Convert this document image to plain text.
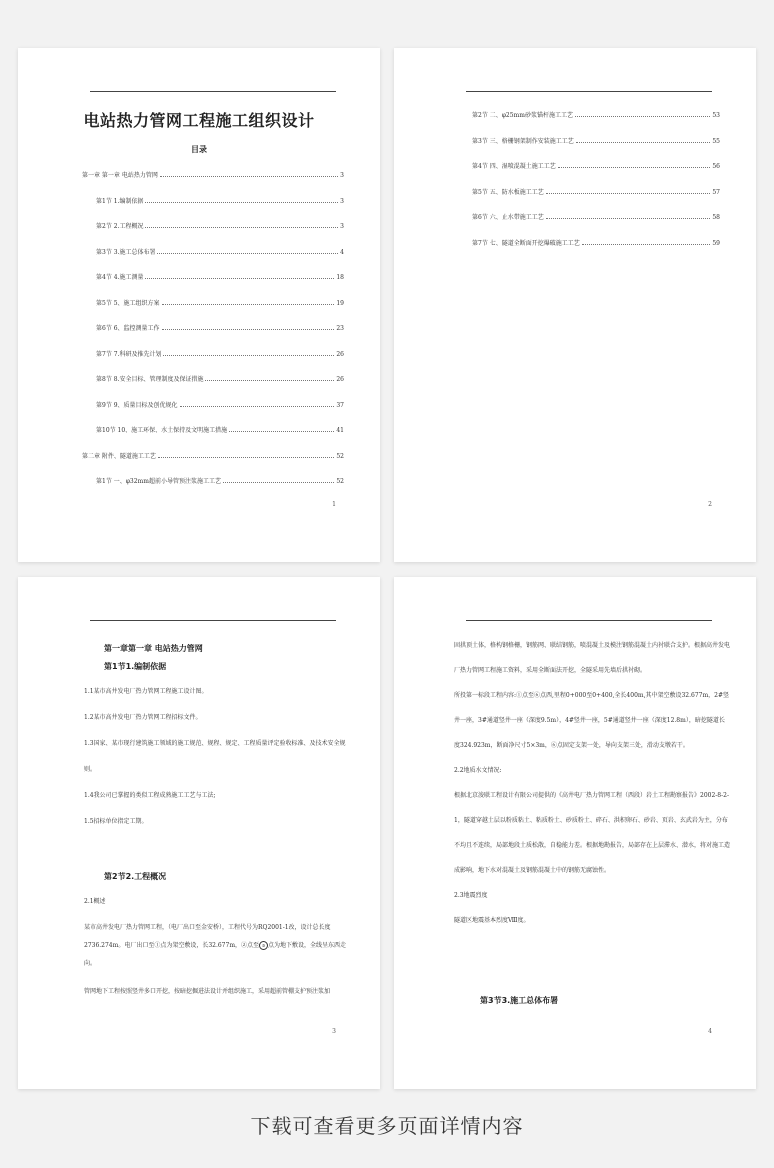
电站热力管网工程施工组织设计
目录
第一章 第一章 电站热力管网	3
第1节 1.编制依据	3
第2节 2.工程概况	3
第3节 3.施工总体布署	4
第4节 4.施工测量	18
第5节 5、施工组织方案	19
第6节 6、监控测量工作	23
第7节 7.科研及推先计划	26
第8节 8.安全目标、管理制度及保证措施	26
第9节 9、质量目标及创优规化	37
第10节 10、施工环保、水土保持及文明施工措施	41
第二章 附件、隧道施工工艺	52
第1节 一、φ32mm超前小导管预注浆施工工艺	52
1
第2节 二、φ25mm砂浆锚杆施工工艺	53
第3节 三、格栅钢架制作安装施工工艺	55
第4节 四、湿喷混凝土施工工艺	56
第5节 五、防水板施工工艺	57
第6节 六、止水带施工工艺	58
第7节 七、隧道全断面开挖爆破施工工艺	59
2
第一章第一章 电站热力管网
第1节1.编制依据

1.1某市高井发电厂热力管网工程施工设计图。

1.2某市高井发电厂热力管网工程招标文件。

1.3国家、某市现行建筑施工领域的施工规范、规程、规定、工程质量评定验收标准、及技术安全规则。

1.4我公司已掌握的类似工程成熟施工工艺与工法;

1.5招标单位指定工期。

第2节2.工程概况

2.1概述

某市高井发电厂热力管网工程，（电厂出口至金安桥），工程代号为RQ2001-1改，设计总长度2736.274m。电厂出口至①点为架空敷设，长32.677m，②点至 ③ 点为地下敷设，全线呈东西走向。

管网地下工程按照竖井多口开挖，按暗挖掘进法设计并组织施工，采用超前管棚支护预注浆加

3

固拱顶土体，格构钢格栅，钢筋网、联结钢筋，喷混凝土及模注钢筋混凝土内衬联合支护。根据高井发电厂热力管网工程施工资料，采用全断面法开挖，全隧采用先墙后拱衬砌。

所投第一标段工程内容:①点至⑥点西,里程0+000至0+400,全长400m,其中架空敷设32.677m，2#竖井一座，3#通道竖井一座（深度9.5m），4#竖井一座，5#通道竖井一座（深度12.8m），暗挖隧道长度324.923m，断面净尺寸5×3m，⑥点固定支架一处，导向支架三处，滑动支墩若干。

2.2地质水文情况:

根据北京浚联工程设计有限公司提供的《高井电厂热力管网工程（西段）岩土工程勘察报告》2002-8-2-1，隧道穿越土层以粉质粘土、粘质粉土、砂质粉土、碎石、洪积卵石、砂岩、页岩、玄武岩为主，分布不均且不连续，局部地段土质松散，自稳能力差。根据地勘报告，局部存在上层滞水、潜水，将对施工造成影响，地下水对混凝土及钢筋混凝土中的钢筋无腐蚀性。

2.3地震烈度

隧道区地震基本烈度Ⅷ度。

第3节3.施工总体布署
4
下载可查看更多页面详情内容
